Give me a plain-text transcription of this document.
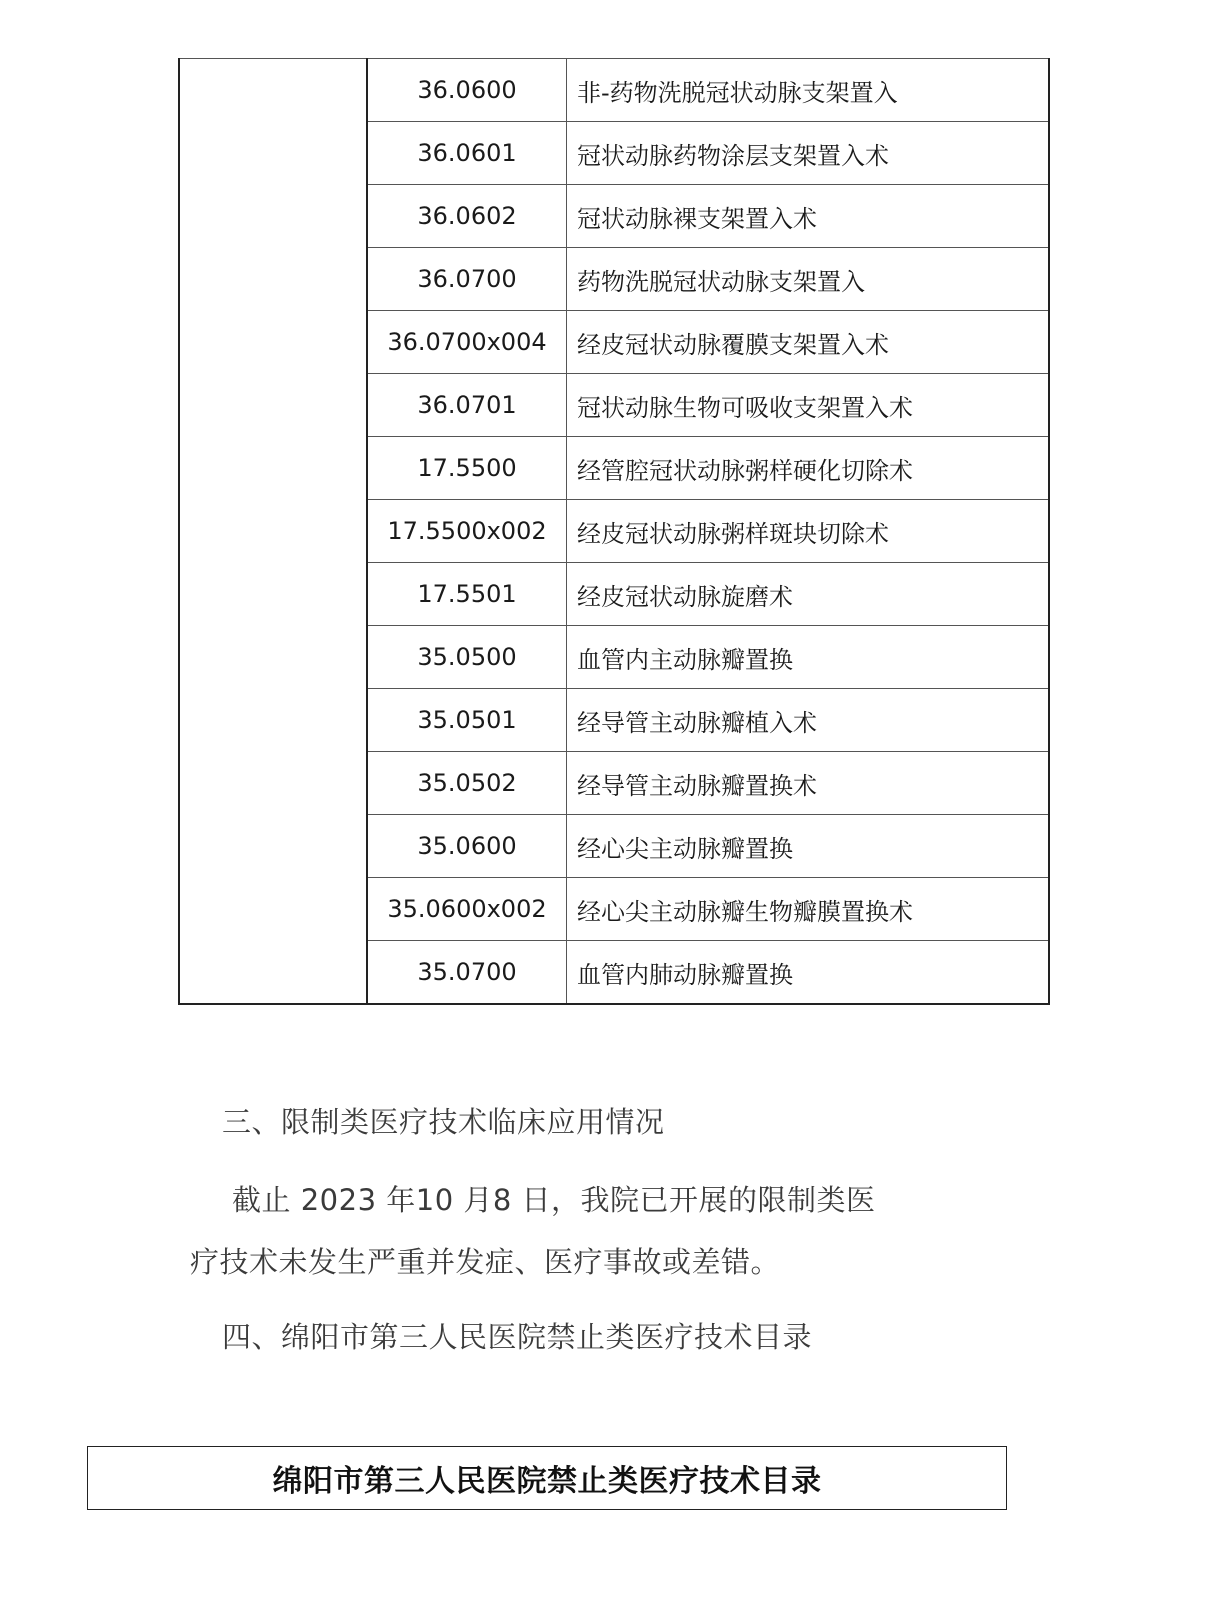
	36.0600	非-药物洗脱冠状动脉支架置入
	36.0601	冠状动脉药物涂层支架置入术
	36.0602	冠状动脉裸支架置入术
	36.0700	药物洗脱冠状动脉支架置入
	36.0700x004	经皮冠状动脉覆膜支架置入术
	36.0701	冠状动脉生物可吸收支架置入术
	17.5500	经管腔冠状动脉粥样硬化切除术
	17.5500x002	经皮冠状动脉粥样斑块切除术
	17.5501	经皮冠状动脉旋磨术
	35.0500	血管内主动脉瓣置换
	35.0501	经导管主动脉瓣植入术
	35.0502	经导管主动脉瓣置换术
	35.0600	经心尖主动脉瓣置换
	35.0600x002	经心尖主动脉瓣生物瓣膜置换术
	35.0700	血管内肺动脉瓣置换
三、限制类医疗技术临床应用情况
截止 2023 年10 月8 日，我院已开展的限制类医
疗技术未发生严重并发症、医疗事故或差错。
四、绵阳市第三人民医院禁止类医疗技术目录
绵阳市第三人民医院禁止类医疗技术目录
